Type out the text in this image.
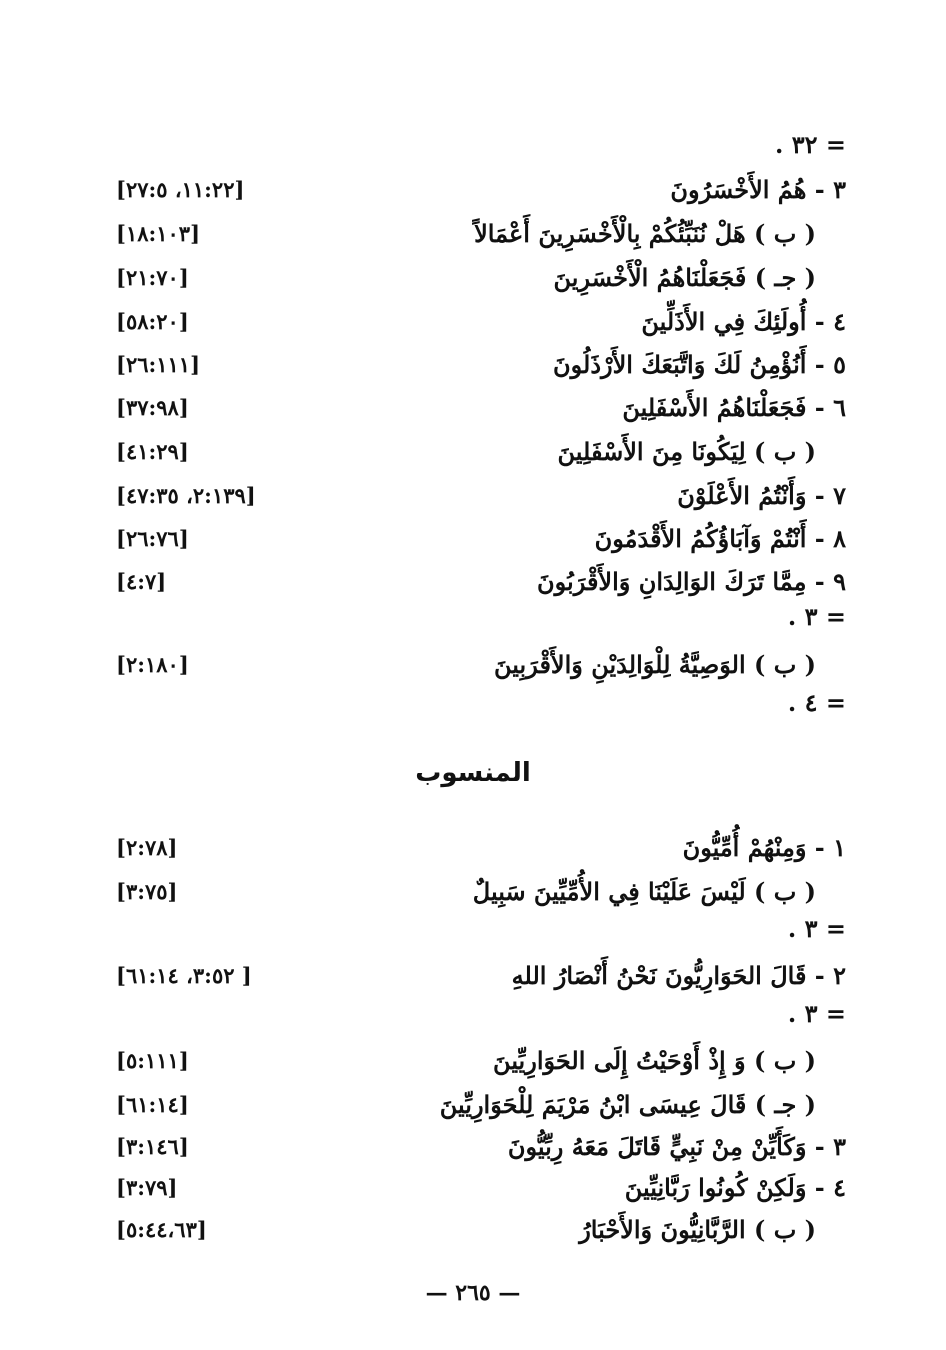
= ٣٢ .
٣ - هُمُ الأَخْسَرُونَ
[١١:٢٢، ٢٧:٥]
( ب ) هَلْ نُنَبِّئُكُمْ بِالْأَخْسَرِينَ أَعْمَالاً
[١٨:١٠٣]
( جـ ) فَجَعَلْنَاهُمُ الْأَخْسَرِينَ
[٢١:٧٠]
٤ - أُولَئِكَ فِي الأَذَلِّينَ
[٥٨:٢٠]
٥ - أَنُؤْمِنُ لَكَ وَاتَّبَعَكَ الأَرْذَلُونَ
[٢٦:١١١]
٦ - فَجَعَلْنَاهُمُ الأَسْفَلِينَ
[٣٧:٩٨]
( ب ) لِيَكُونَا مِنَ الأَسْفَلِينَ
[٤١:٢٩]
٧ - وَأَنْتُمُ الأَعْلَوْنَ
[٢:١٣٩، ٤٧:٣٥]
٨ - أَنْتُمْ وَآبَاؤُكُمُ الأَقْدَمُونَ
[٢٦:٧٦]
٩ - مِمَّا تَرَكَ الوَالِدَانِ وَالأَقْرَبُونَ
[٤:٧]
= ٣ .
( ب ) الوَصِيَّةُ لِلْوَالِدَيْنِ وَالأَقْرَبِينَ
[٢:١٨٠]
= ٤ .
المنسوب
١ - وَمِنْهُمْ أُمِّيُّونَ
[٢:٧٨]
( ب ) لَيْسَ عَلَيْنَا فِي الأُمِّيِّينَ سَبِيلٌ
[٣:٧٥]
= ٣ .
٢ - قَالَ الحَوَارِيُّونَ نَحْنُ أَنْصَارُ اللهِ
[٣:٥٢، ٦١:١٤ ]
= ٣ .
( ب ) وَ إِذْ أَوْحَيْتُ إِلَى الحَوَارِيِّينَ
[٥:١١١]
( جـ ) قَالَ عِيسَى ابْنُ مَرْيَمَ لِلْحَوَارِيِّينَ
[٦١:١٤]
٣ - وَكَأَيِّنْ مِنْ نَبِيٍّ قَاتَلَ مَعَهُ رِبِّيُّونَ
[٣:١٤٦]
٤ - وَلَكِنْ كُونُوا رَبَّانِيِّينَ
[٣:٧٩]
( ب ) الرَّبَّانِيُّونَ وَالأَحْبَارُ
[٥:٤٤،٦٣]
— ٢٦٥ —
